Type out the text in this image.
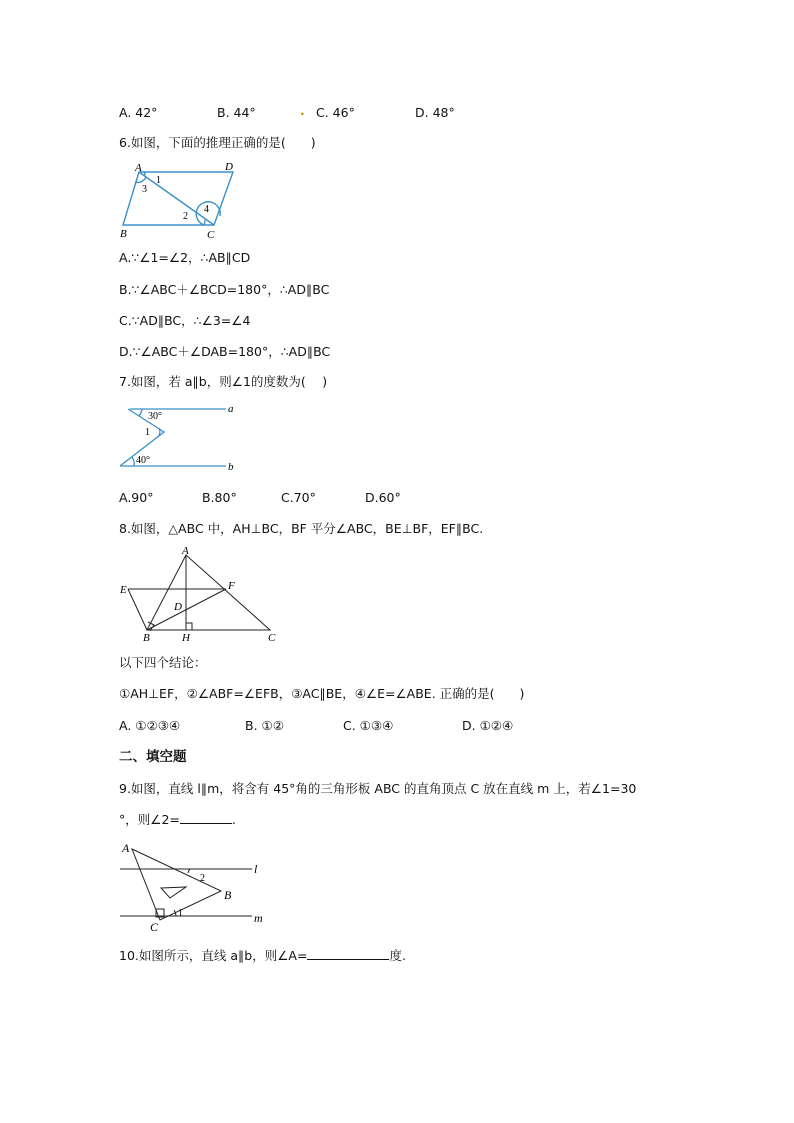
A. 42°	B. 44°	. C. 46°	D. 48°
6.如图，下面的推理正确的是(　　)
A	D
B	C
1
2
3
4
A.∵∠1=∠2，∴AB∥CD
B.∵∠ABC＋∠BCD=180°，∴AD∥BC
C.∵AD∥BC，∴∠3=∠4
D.∵∠ABC＋∠DAB=180°，∴AD∥BC
7.如图，若 a∥b，则∠1的度数为(　 )
a
b
30°
40°
1
A.90°	B.80°	C.70°	D.60°
8.如图，△ABC 中，AH⊥BC，BF 平分∠ABC，BE⊥BF，EF∥BC.
A
E	F
D
B	H	C
以下四个结论：
①AH⊥EF，②∠ABF=∠EFB，③AC∥BE，④∠E=∠ABE. 正确的是(　　)
A. ①②③④	B. ①②	C. ①③④	D. ①②④
二、填空题
9.如图，直线 l∥m，将含有 45°角的三角形板 ABC 的直角顶点 C 放在直线 m 上，若∠1=30
°，则∠2=	.
A
B
C
l
m
1
2
10.如图所示，直线 a∥b，则∠A=	度.
